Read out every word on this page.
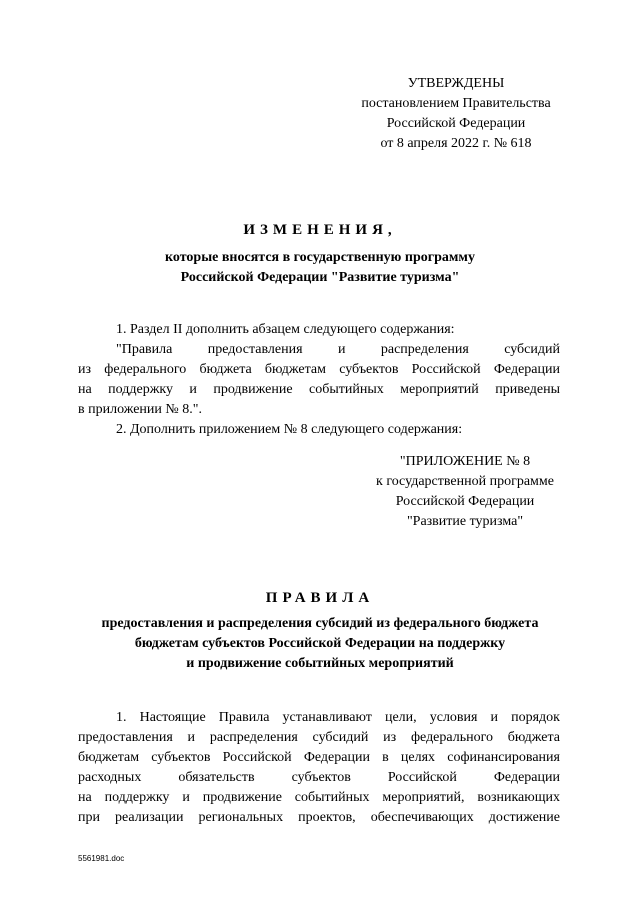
УТВЕРЖДЕНЫ
постановлением Правительства
Российской Федерации
от 8 апреля 2022 г. № 618
ИЗМЕНЕНИЯ,
которые вносятся в государственную программу
Российской Федерации "Развитие туризма"
1. Раздел II дополнить абзацем следующего содержания:
"Правила предоставления и распределения субсидий
из федерального бюджета бюджетам субъектов Российской Федерации
на поддержку и продвижение событийных мероприятий приведены
в приложении № 8.".
2. Дополнить приложением № 8 следующего содержания:
"ПРИЛОЖЕНИЕ № 8
к государственной программе
Российской Федерации
"Развитие туризма"
ПРАВИЛА
предоставления и распределения субсидий из федерального бюджета
бюджетам субъектов Российской Федерации на поддержку
и продвижение событийных мероприятий
1. Настоящие Правила устанавливают цели, условия и порядок
предоставления и распределения субсидий из федерального бюджета
бюджетам субъектов Российской Федерации в целях софинансирования
расходных обязательств субъектов Российской Федерации
на поддержку и продвижение событийных мероприятий, возникающих
при реализации региональных проектов, обеспечивающих достижение
5561981.doc
